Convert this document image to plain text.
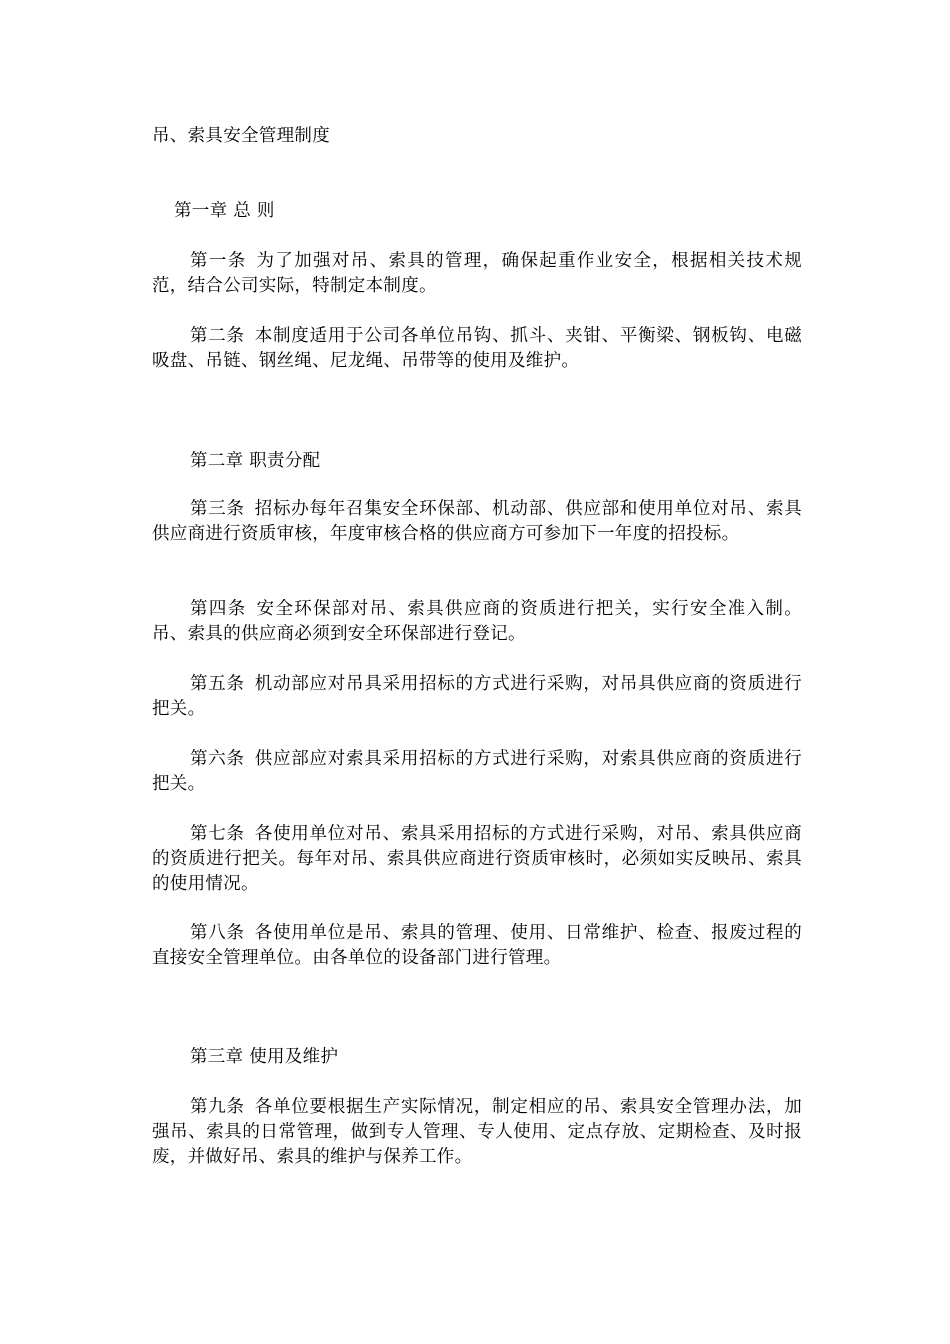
吊、索具安全管理制度

第一章 总 则

第一条 为了加强对吊、索具的管理，确保起重作业安全，根据相关技术规范，结合公司实际，特制定本制度。

第二条 本制度适用于公司各单位吊钩、抓斗、夹钳、平衡梁、钢板钩、电磁吸盘、吊链、钢丝绳、尼龙绳、吊带等的使用及维护。

第二章 职责分配

第三条 招标办每年召集安全环保部、机动部、供应部和使用单位对吊、索具供应商进行资质审核，年度审核合格的供应商方可参加下一年度的招投标。

第四条 安全环保部对吊、索具供应商的资质进行把关，实行安全准入制。吊、索具的供应商必须到安全环保部进行登记。

第五条 机动部应对吊具采用招标的方式进行采购，对吊具供应商的资质进行把关。

第六条 供应部应对索具采用招标的方式进行采购，对索具供应商的资质进行把关。

第七条 各使用单位对吊、索具采用招标的方式进行采购，对吊、索具供应商的资质进行把关。每年对吊、索具供应商进行资质审核时，必须如实反映吊、索具的使用情况。

第八条 各使用单位是吊、索具的管理、使用、日常维护、检查、报废过程的直接安全管理单位。由各单位的设备部门进行管理。

第三章 使用及维护

第九条 各单位要根据生产实际情况，制定相应的吊、索具安全管理办法，加强吊、索具的日常管理，做到专人管理、专人使用、定点存放、定期检查、及时报废，并做好吊、索具的维护与保养工作。
